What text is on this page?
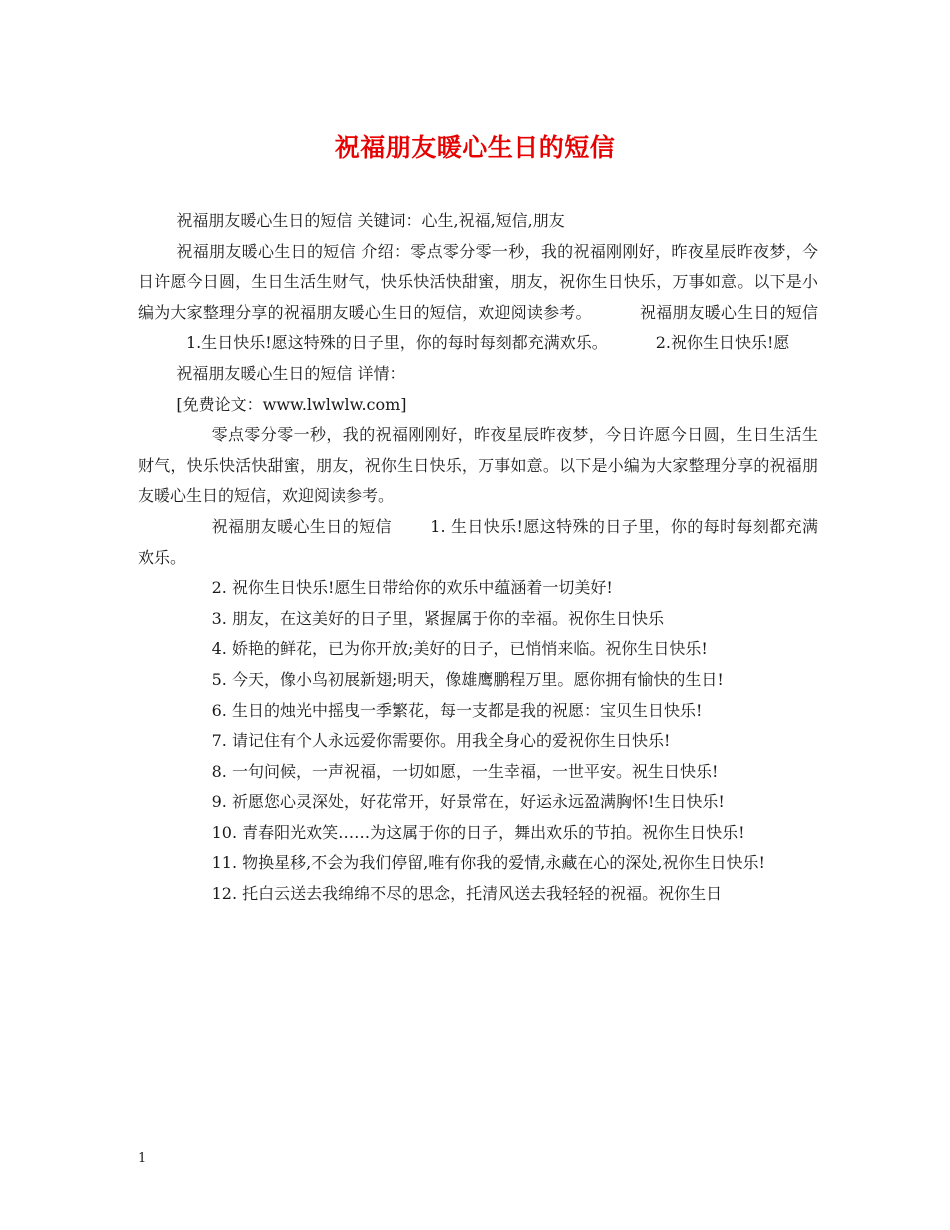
祝福朋友暖心生日的短信

祝福朋友暖心生日的短信 关键词：心生,祝福,短信,朋友

祝福朋友暖心生日的短信 介绍：零点零分零一秒，我的祝福刚刚好，昨夜星辰昨夜梦，今日许愿今日圆，生日生活生财气，快乐快活快甜蜜，朋友，祝你生日快乐，万事如意。以下是小编为大家整理分享的祝福朋友暖心生日的短信，欢迎阅读参考。	祝福朋友暖心生日的短信1.生日快乐!愿这特殊的日子里，你的每时每刻都充满欢乐。	2.祝你生日快乐!愿

祝福朋友暖心生日的短信 详情：

[免费论文：www.lwlwlw.com]

零点零分零一秒，我的祝福刚刚好，昨夜星辰昨夜梦，今日许愿今日圆，生日生活生财气，快乐快活快甜蜜，朋友，祝你生日快乐，万事如意。以下是小编为大家整理分享的祝福朋友暖心生日的短信，欢迎阅读参考。

祝福朋友暖心生日的短信 1. 生日快乐!愿这特殊的日子里，你的每时每刻都充满欢乐。

2. 祝你生日快乐!愿生日带给你的欢乐中蕴涵着一切美好!

3. 朋友，在这美好的日子里，紧握属于你的幸福。祝你生日快乐

4. 娇艳的鲜花，已为你开放;美好的日子，已悄悄来临。祝你生日快乐!

5. 今天，像小鸟初展新翅;明天，像雄鹰鹏程万里。愿你拥有愉快的生日!

6. 生日的烛光中摇曳一季繁花，每一支都是我的祝愿：宝贝生日快乐!

7. 请记住有个人永远爱你需要你。用我全身心的爱祝你生日快乐!

8. 一句问候，一声祝福，一切如愿，一生幸福，一世平安。祝生日快乐!

9. 祈愿您心灵深处，好花常开，好景常在，好运永远盈满胸怀!生日快乐!

10. 青春阳光欢笑……为这属于你的日子，舞出欢乐的节拍。祝你生日快乐!

11. 物换星移,不会为我们停留,唯有你我的爱情,永藏在心的深处,祝你生日快乐!

12. 托白云送去我绵绵不尽的思念，托清风送去我轻轻的祝福。祝你生日

1
